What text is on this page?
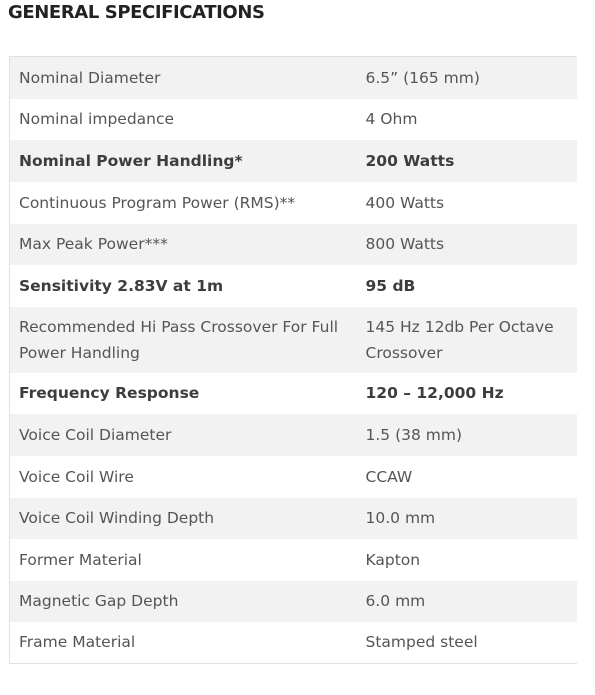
GENERAL SPECIFICATIONS
Nominal Diameter	6.5” (165 mm)
Nominal impedance	4 Ohm
Nominal Power Handling*	200 Watts
Continuous Program Power (RMS)**	400 Watts
Max Peak Power***	800 Watts
Sensitivity 2.83V at 1m	95 dB
Recommended Hi Pass Crossover For Full Power Handling	145 Hz 12db Per Octave Crossover
Frequency Response	120 – 12,000 Hz
Voice Coil Diameter	1.5 (38 mm)
Voice Coil Wire	CCAW
Voice Coil Winding Depth	10.0 mm
Former Material	Kapton
Magnetic Gap Depth	6.0 mm
Frame Material	Stamped steel
